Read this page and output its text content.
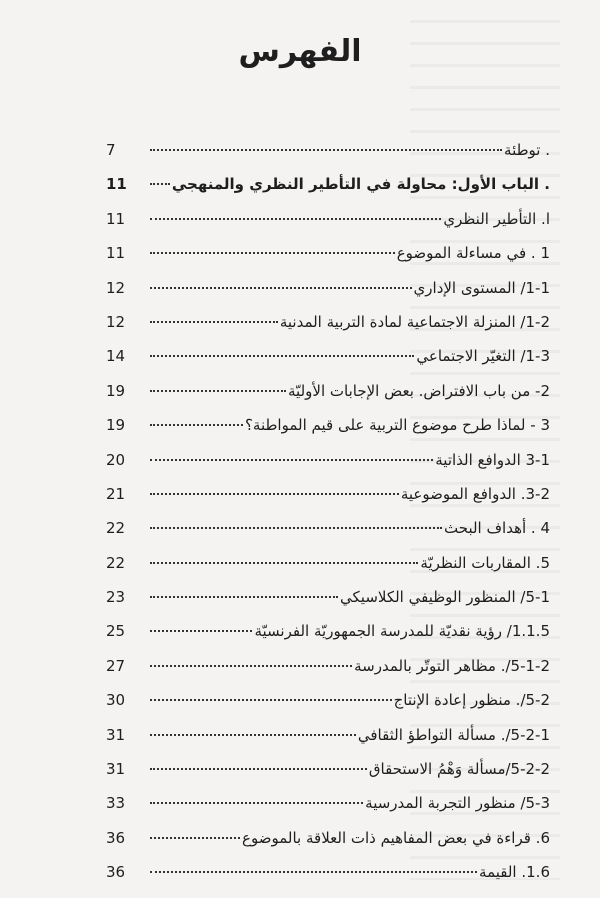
الفهرس
. توطئة
7
. الباب الأول: محاولة في التأطير النظري والمنهجي
11
ا. التأطير النظري
11
1 . في مساءلة الموضوع
11
1-1/ المستوى الإداري
12
1-2/ المنزلة الاجتماعية لمادة التربية المدنية
12
1-3/ التغيّر الاجتماعي
14
2- من باب الافتراض. بعض الإجابات الأوليّة
19
3 - لماذا طرح موضوع التربية على قيم المواطنة؟
19
3-1 الدوافع الذاتية
20
3-2. الدوافع الموضوعية
21
4 . أهداف البحث
22
5. المقاربات النظريّة
22
5-1/ المنظور الوظيفي الكلاسيكي
23
1.1.5/ رؤية نقديّة للمدرسة الجمهوريّة الفرنسيّة
25
5-1-2/. مظاهر التوتّر بالمدرسة
27
5-2/. منظور إعادة الإنتاج
30
5-2-1/. مسألة التواطؤ الثقافي
31
5-2-2/مسألة وَهْمُ الاستحقاق
31
5-3/ منظور التجربة المدرسية
33
6. قراءة في بعض المفاهيم ذات العلاقة بالموضوع
36
1.6. القيمة
36
